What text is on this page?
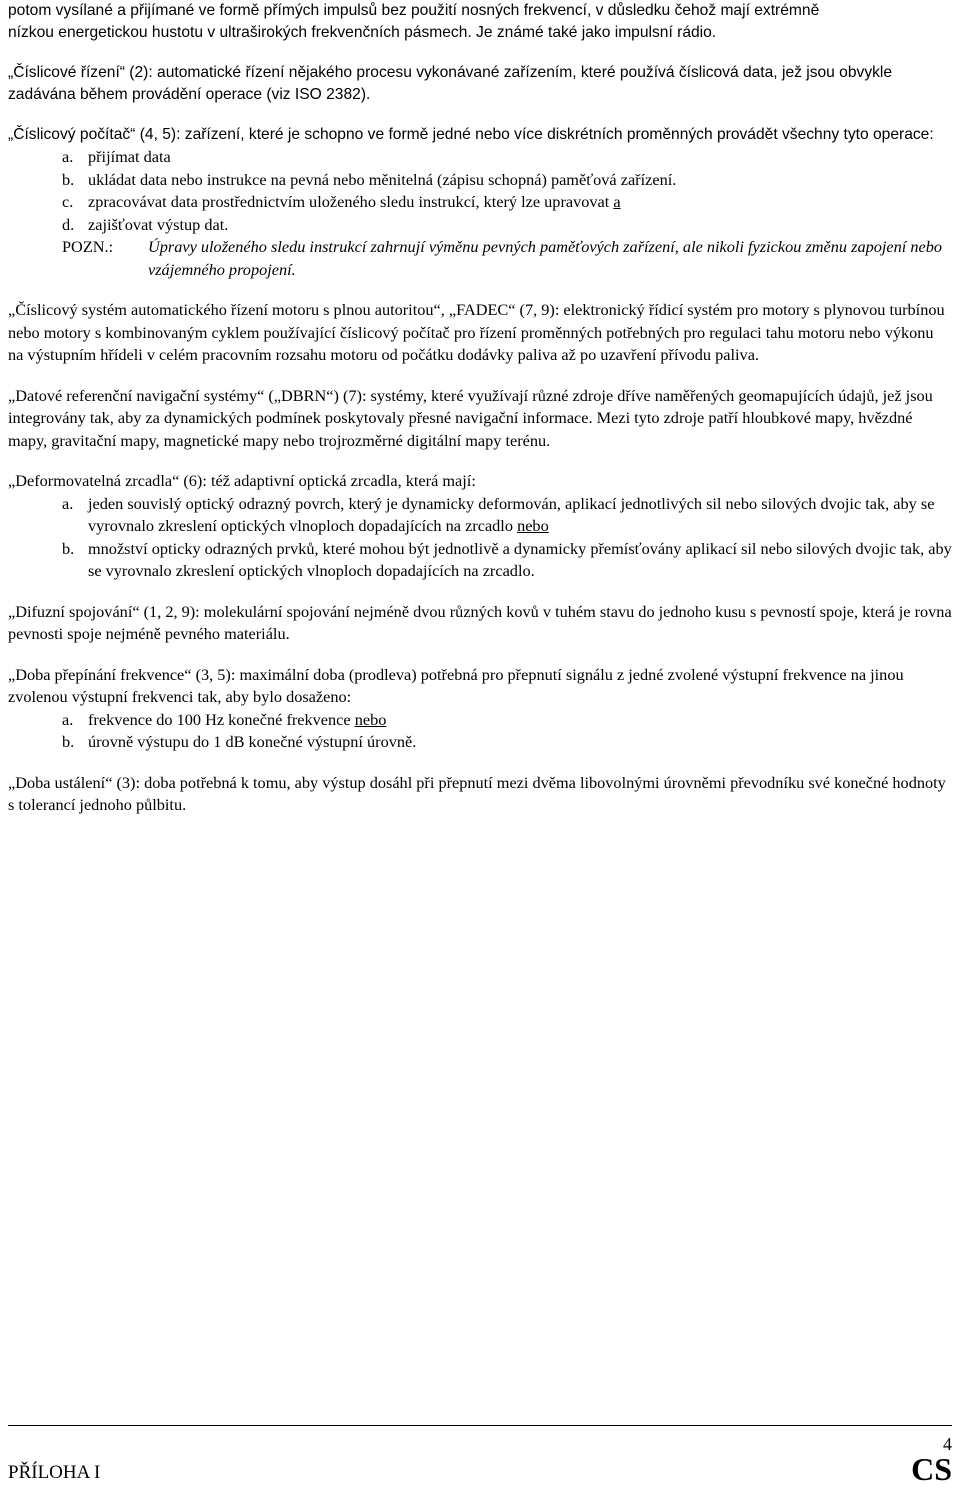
potom vysílané a přijímané ve formě přímých impulsů bez použití nosných frekvencí, v důsledku čehož mají extrémně
nízkou energetickou hustotu v ultraširokých frekvenčních pásmech. Je známé také jako impulsní rádio.
„Číslicové řízení“ (2): automatické řízení nějakého procesu vykonávané zařízením, které používá číslicová data, jež jsou obvykle zadávána během provádění operace (viz ISO 2382).
„Číslicový počítač“ (4, 5): zařízení, které je schopno ve formě jedné nebo více diskrétních proměnných provádět všechny tyto operace:
a. přijímat data
b. ukládat data nebo instrukce na pevná nebo měnitelná (zápisu schopná) paměťová zařízení.
c. zpracovávat data prostřednictvím uloženého sledu instrukcí, který lze upravovat a
d. zajišťovat výstup dat.
POZN.:	Úpravy uloženého sledu instrukcí zahrnují výměnu pevných paměťových zařízení, ale nikoli fyzickou změnu zapojení nebo vzájemného propojení.
„Číslicový systém automatického řízení motoru s plnou autoritou“, „FADEC“ (7, 9): elektronický řídicí systém pro motory s plynovou turbínou nebo motory s kombinovaným cyklem používající číslicový počítač pro řízení proměnných potřebných pro regulaci tahu motoru nebo výkonu na výstupním hřídeli v celém pracovním rozsahu motoru od počátku dodávky paliva až po uzavření přívodu paliva.
„Datové referenční navigační systémy“ („DBRN“) (7): systémy, které využívají různé zdroje dříve naměřených geomapujících údajů, jež jsou integrovány tak, aby za dynamických podmínek poskytovaly přesné navigační informace. Mezi tyto zdroje patří hloubkové mapy, hvězdné mapy, gravitační mapy, magnetické mapy nebo trojrozměrné digitální mapy terénu.
„Deformovatelná zrcadla“ (6): též adaptivní optická zrcadla, která mají:
a. jeden souvislý optický odrazný povrch, který je dynamicky deformován, aplikací jednotlivých sil nebo silových dvojic tak, aby se vyrovnalo zkreslení optických vlnoploch dopadajících na zrcadlo nebo
b. množství opticky odrazných prvků, které mohou být jednotlivě a dynamicky přemísťovány aplikací sil nebo silových dvojic tak, aby se vyrovnalo zkreslení optických vlnoploch dopadajících na zrcadlo.
„Difuzní spojování“ (1, 2, 9): molekulární spojování nejméně dvou různých kovů v tuhém stavu do jednoho kusu s pevností spoje, která je rovna pevnosti spoje nejméně pevného materiálu.
„Doba přepínání frekvence“ (3, 5): maximální doba (prodleva) potřebná pro přepnutí signálu z jedné zvolené výstupní frekvence na jinou zvolenou výstupní frekvenci tak, aby bylo dosaženo:
a. frekvence do 100 Hz konečné frekvence nebo
b. úrovně výstupu do 1 dB konečné výstupní úrovně.
„Doba ustálení“ (3): doba potřebná k tomu, aby výstup dosáhl při přepnutí mezi dvěma libovolnými úrovněmi převodníku své konečné hodnoty s tolerancí jednoho půlbitu.
4
PŘÍLOHA I	CS
